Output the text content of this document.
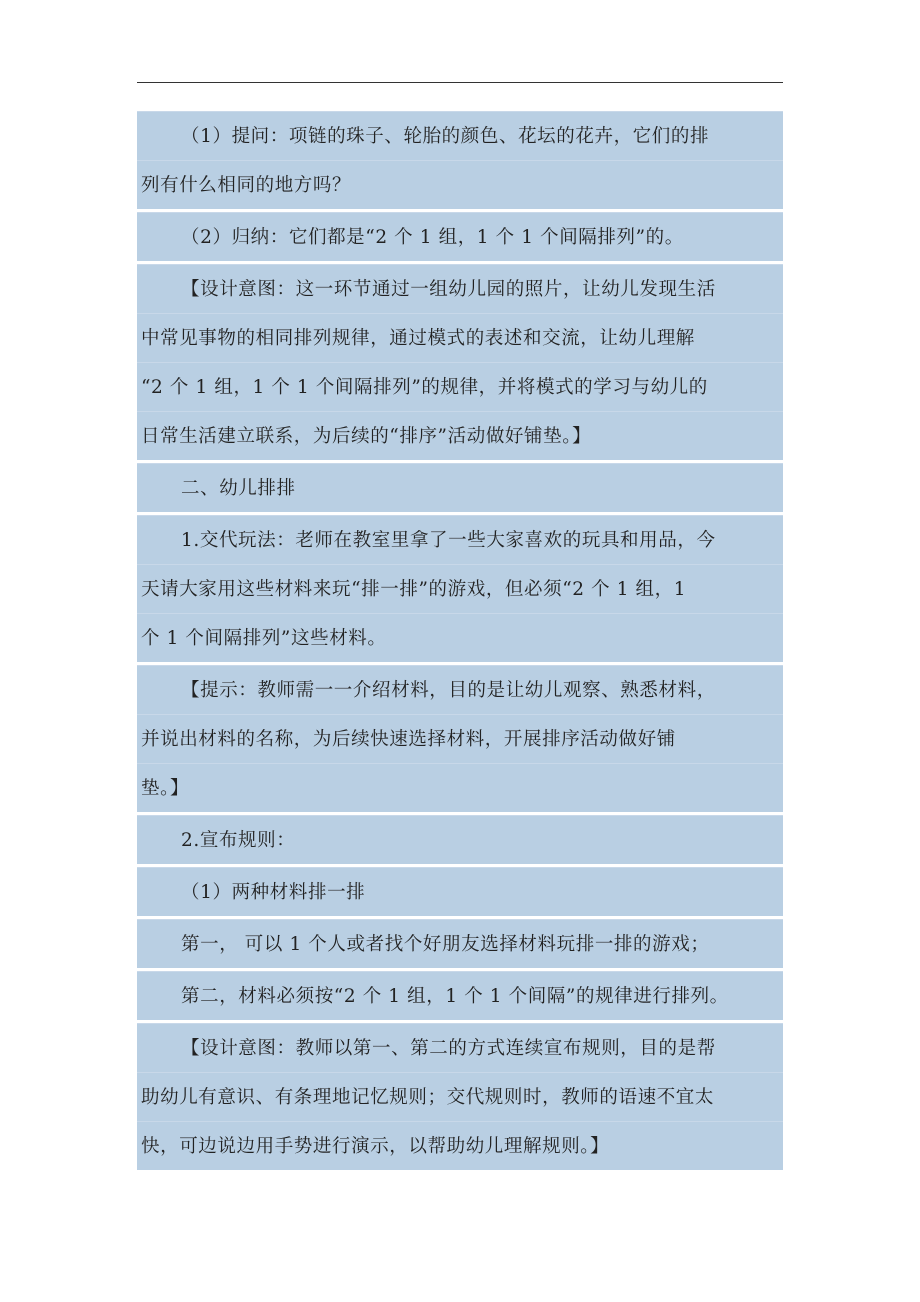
（1）提问：项链的珠子、轮胎的颜色、花坛的花卉，它们的排
列有什么相同的地方吗？
（2）归纳：它们都是“2 个 1 组，1 个 1 个间隔排列”的。
【设计意图：这一环节通过一组幼儿园的照片，让幼儿发现生活
中常见事物的相同排列规律，通过模式的表述和交流，让幼儿理解
“2 个 1 组，1 个 1 个间隔排列”的规律，并将模式的学习与幼儿的
日常生活建立联系，为后续的“排序”活动做好铺垫。】
二、幼儿排排
1.交代玩法：老师在教室里拿了一些大家喜欢的玩具和用品，今
天请大家用这些材料来玩“排一排”的游戏，但必须“2 个 1 组，1
个 1 个间隔排列”这些材料。
【提示：教师需一一介绍材料，目的是让幼儿观察、熟悉材料，
并说出材料的名称，为后续快速选择材料，开展排序活动做好铺
垫。】
2.宣布规则：
（1）两种材料排一排
第一， 可以 1 个人或者找个好朋友选择材料玩排一排的游戏；
第二，材料必须按“2 个 1 组，1 个 1 个间隔”的规律进行排列。
【设计意图：教师以第一、第二的方式连续宣布规则，目的是帮
助幼儿有意识、有条理地记忆规则；交代规则时，教师的语速不宜太
快，可边说边用手势进行演示，以帮助幼儿理解规则。】
